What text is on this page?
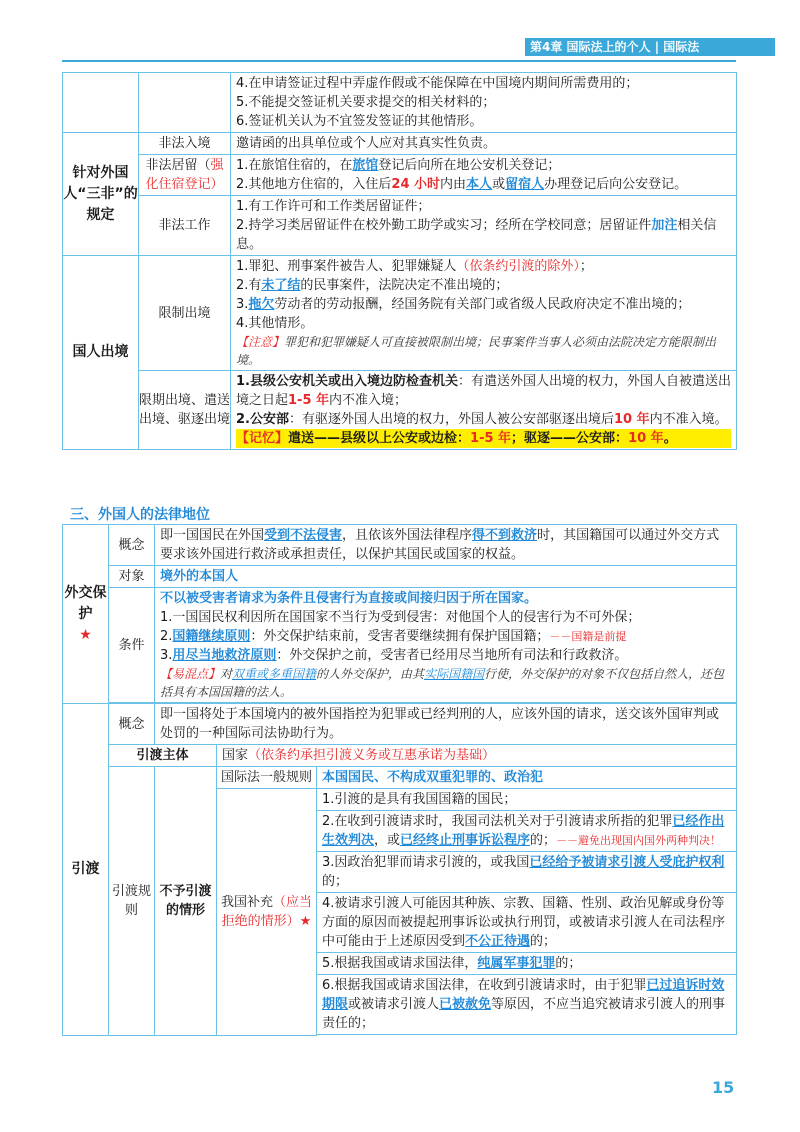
第4章 国际法上的个人 | 国际法

		4.在申请签证过程中弄虚作假或不能保障在中国境内期间所需费用的；
5.不能提交签证机关要求提交的相关材料的；
6.签证机关认为不宜签发签证的其他情形。

针对外国人“三非”的规定	非法入境	邀请函的出具单位或个人应对其真实性负责。
	非法居留（强化住宿登记）	1.在旅馆住宿的，在旅馆登记后向所在地公安机关登记；
2.其他地方住宿的，入住后24 小时内由本人或留宿人办理登记后向公安登记。

	非法工作	1.有工作许可和工作类居留证件；
2.持学习类居留证件在校外勤工助学或实习；经所在学校同意；居留证件加注相关信息。

国人出境	限制出境	1.罪犯、刑事案件被告人、犯罪嫌疑人（依条约引渡的除外）；
2.有未了结的民事案件，法院决定不准出境的；
3.拖欠劳动者的劳动报酬，经国务院有关部门或省级人民政府决定不准出境的；
4.其他情形。
【注意】罪犯和犯罪嫌疑人可直接被限制出境；民事案件当事人必须由法院决定方能限制出境。

	限期出境、遣送出境、驱逐出境	1.县级公安机关或出入境边防检查机关：有遣送外国人出境的权力，外国人自被遣送出境之日起1-5 年内不准入境；
2.公安部：有驱逐外国人出境的权力，外国人被公安部驱逐出境后10 年内不准入境。
【记忆】遣送——县级以上公安或边检：1-5 年；驱逐——公安部：10 年。
三、外国人的法律地位
外交保护
★	概念	即一国国民在外国受到不法侵害，且依该外国法律程序得不到救济时，其国籍国可以通过外交方式要求该外国进行救济或承担责任，以保护其国民或国家的权益。		
	对象	境外的本国人		
	条件	不以被受害者请求为条件且侵害行为直接或间接归因于所在国家。
1.一国国民权利因所在国国家不当行为受到侵害：对他国个人的侵害行为不可外保；
2.国籍继续原则：外交保护结束前，受害者要继续拥有保护国国籍；－－国籍是前提
3.用尽当地救济原则：外交保护之前，受害者已经用尽当地所有司法和行政救济。
【易混点】对双重或多重国籍的人外交保护，由其实际国籍国行使，外交保护的对象不仅包括自然人，还包括具有本国国籍的法人。		

引渡	概念	即一国将处于本国境内的被外国指控为犯罪或已经判刑的人，应该外国的请求，送交该外国审判或处罚的一种国际司法协助行为。		
	引渡主体		国家（依条约承担引渡义务或互惠承诺为基础）	
	引渡规则	不予引渡的情形	国际法一般规则	本国国民、不构成双重犯罪的、政治犯
			我国补充（应当拒绝的情形）★	1.引渡的是具有我国国籍的国民；
				2.在收到引渡请求时，我国司法机关对于引渡请求所指的犯罪已经作出生效判决，或已经终止刑事诉讼程序的；－－避免出现国内国外两种判决！
				3.因政治犯罪而请求引渡的，或我国已经给予被请求引渡人受庇护权利的；
				4.被请求引渡人可能因其种族、宗教、国籍、性别、政治见解或身份等方面的原因而被提起刑事诉讼或执行刑罚，或被请求引渡人在司法程序中可能由于上述原因受到不公正待遇的；
				5.根据我国或请求国法律，纯属军事犯罪的；
				6.根据我国或请求国法律，在收到引渡请求时，由于犯罪已过追诉时效期限或被请求引渡人已被赦免等原因，不应当追究被请求引渡人的刑事责任的；

15
